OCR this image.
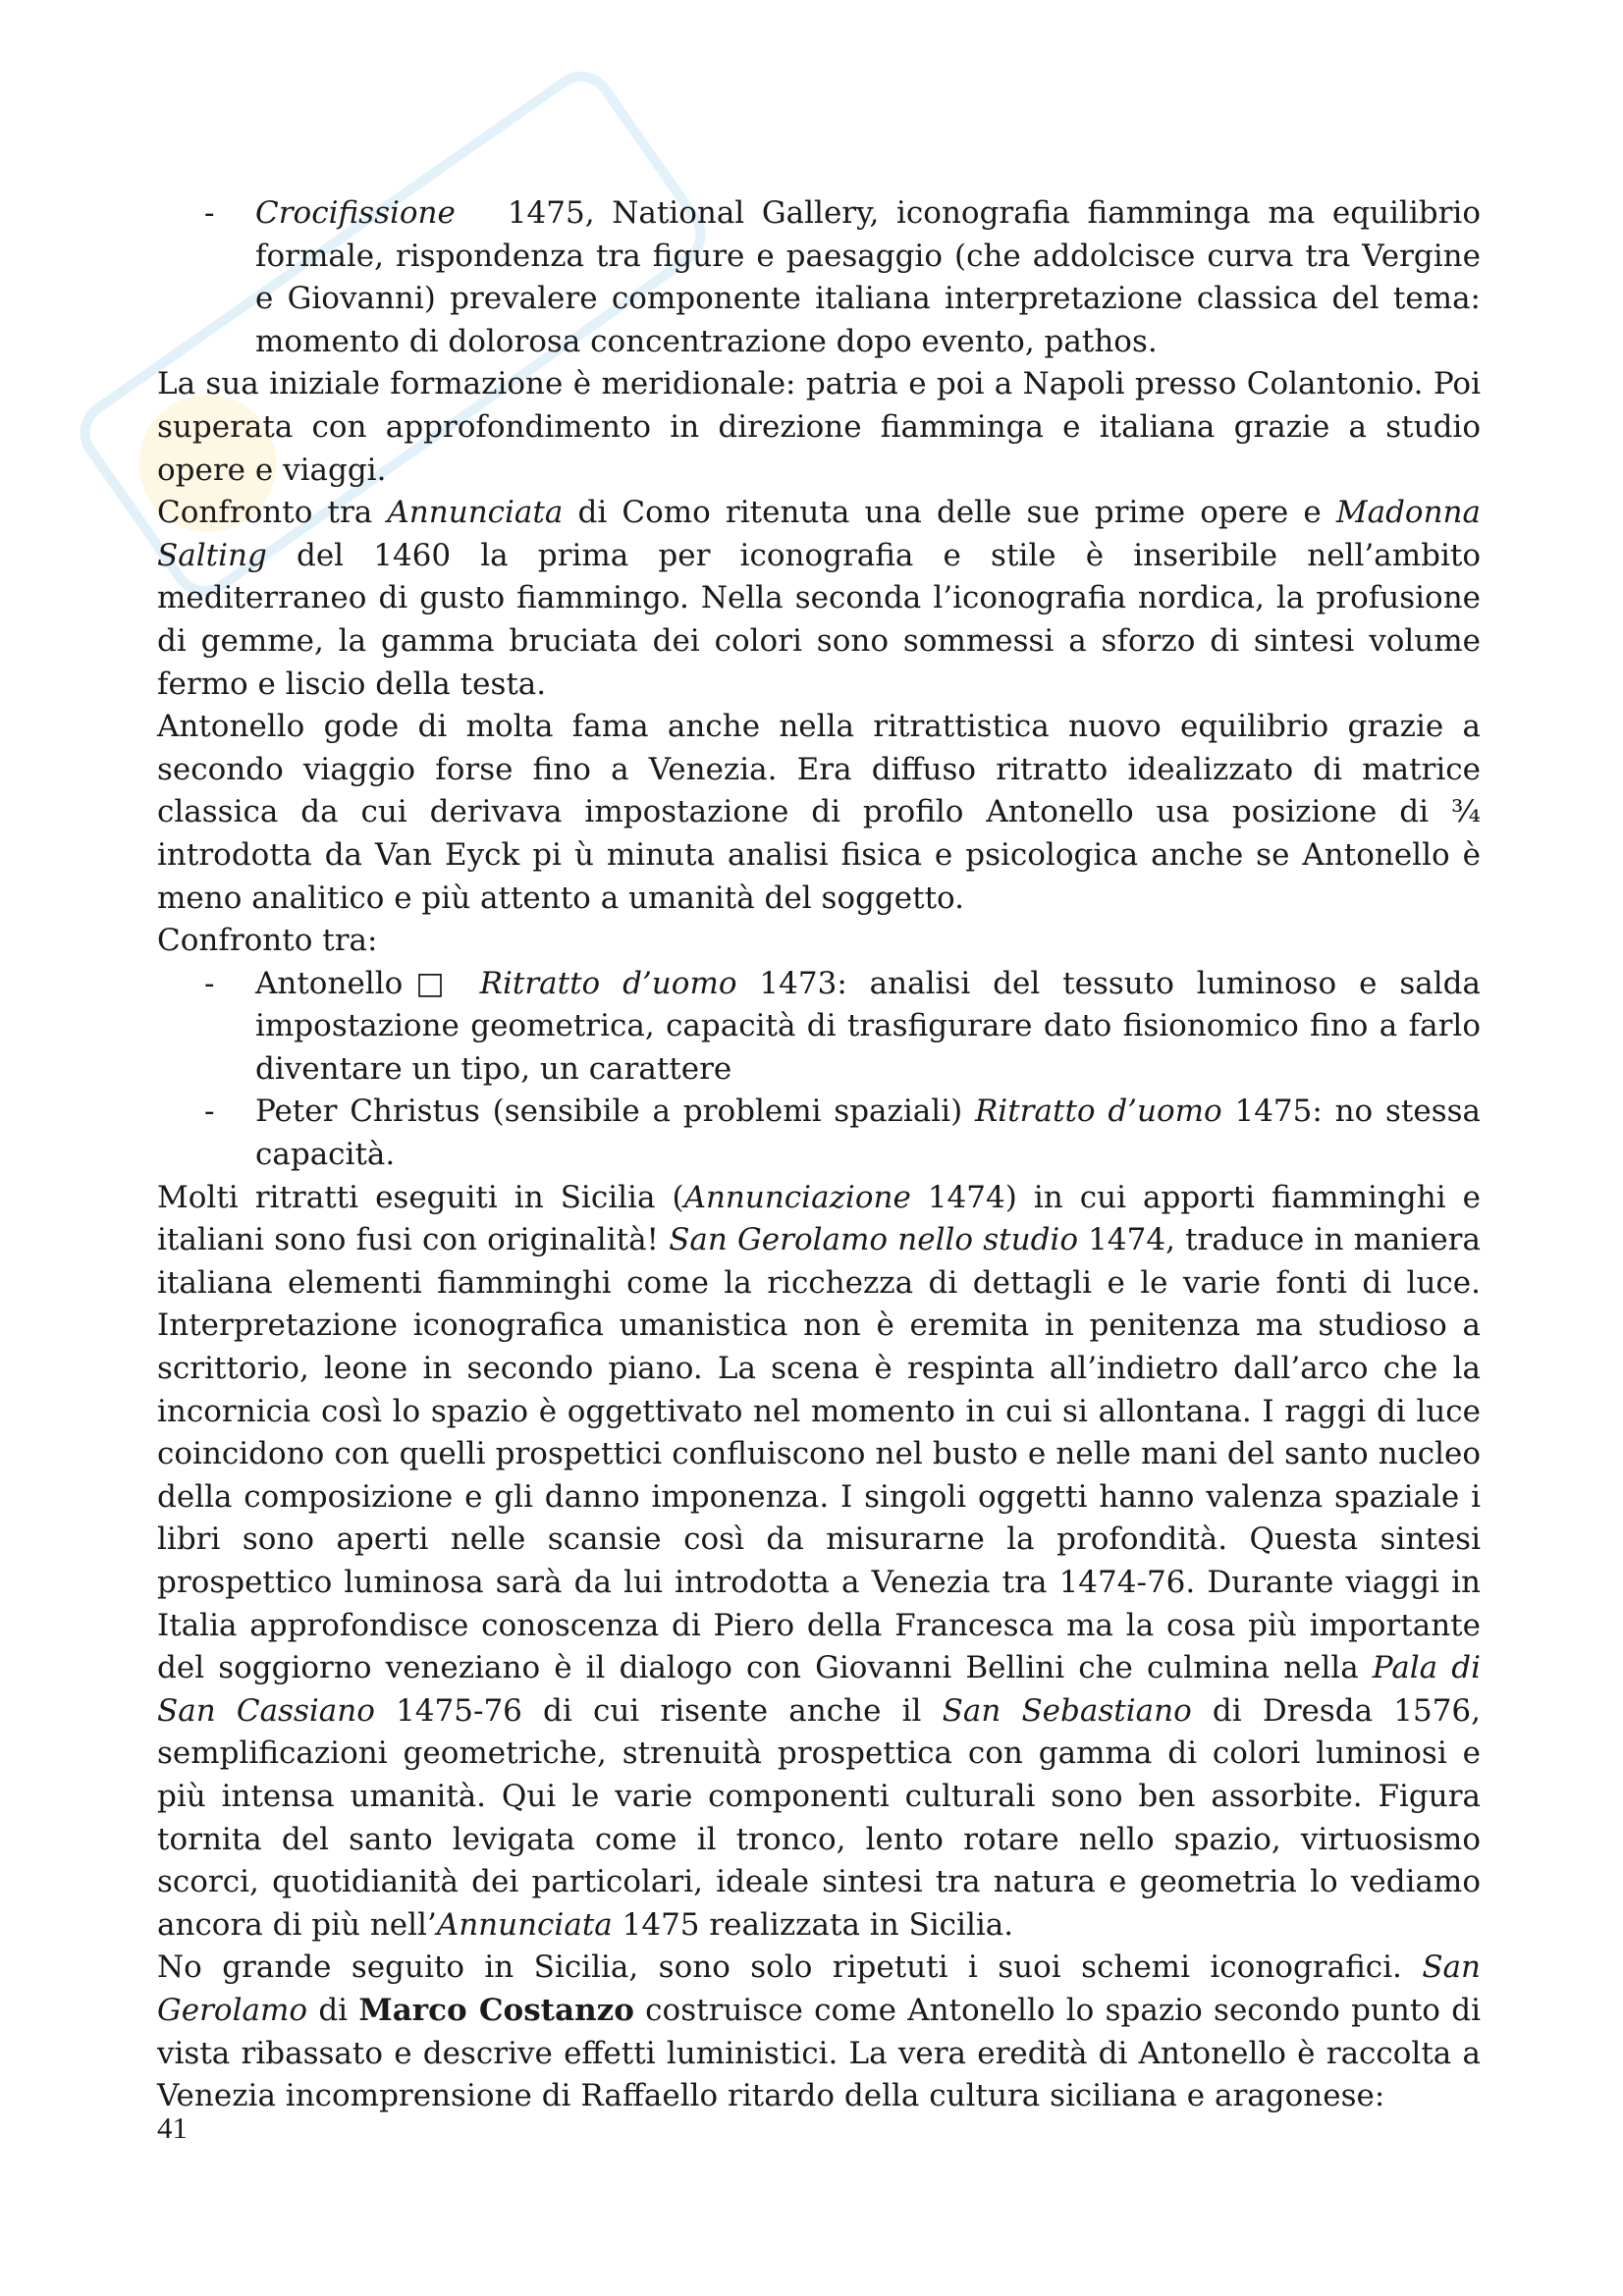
- Crocifissione 1475, National Gallery, iconografia fiamminga ma equilibrio formale, rispondenza tra figure e paesaggio (che addolcisce curva tra Vergine e Giovanni) prevalere componente italiana interpretazione classica del tema: momento di dolorosa concentrazione dopo evento, pathos.

La sua iniziale formazione è meridionale: patria e poi a Napoli presso Colantonio. Poi superata con approfondimento in direzione fiamminga e italiana grazie a studio opere e viaggi.

Confronto tra Annunciata di Como ritenuta una delle sue prime opere e Madonna Salting del 1460 la prima per iconografia e stile è inseribile nell’ambito mediterraneo di gusto fiammingo. Nella seconda l’iconografia nordica, la profusione di gemme, la gamma bruciata dei colori sono sommessi a sforzo di sintesi volume fermo e liscio della testa.

Antonello gode di molta fama anche nella ritrattistica nuovo equilibrio grazie a secondo viaggio forse fino a Venezia. Era diffuso ritratto idealizzato di matrice classica da cui derivava impostazione di profilo Antonello usa posizione di ¾ introdotta da Van Eyck pi ù minuta analisi fisica e psicologica anche se Antonello è meno analitico e più attento a umanità del soggetto.

Confronto tra:

- Antonello□ Ritratto d’uomo 1473: analisi del tessuto luminoso e salda impostazione geometrica, capacità di trasfigurare dato fisionomico fino a farlo diventare un tipo, un carattere
- Peter Christus (sensibile a problemi spaziali) Ritratto d’uomo 1475: no stessa capacità.

Molti ritratti eseguiti in Sicilia (Annunciazione 1474) in cui apporti fiamminghi e italiani sono fusi con originalità! San Gerolamo nello studio 1474, traduce in maniera italiana elementi fiamminghi come la ricchezza di dettagli e le varie fonti di luce. Interpretazione iconografica umanistica non è eremita in penitenza ma studioso a scrittorio, leone in secondo piano. La scena è respinta all’indietro dall’arco che la incornicia così lo spazio è oggettivato nel momento in cui si allontana. I raggi di luce coincidono con quelli prospettici confluiscono nel busto e nelle mani del santo nucleo della composizione e gli danno imponenza. I singoli oggetti hanno valenza spaziale i libri sono aperti nelle scansie così da misurarne la profondità. Questa sintesi prospettico luminosa sarà da lui introdotta a Venezia tra 1474-76. Durante viaggi in Italia approfondisce conoscenza di Piero della Francesca ma la cosa più importante del soggiorno veneziano è il dialogo con Giovanni Bellini che culmina nella Pala di San Cassiano 1475-76 di cui risente anche il San Sebastiano di Dresda 1576, semplificazioni geometriche, strenuità prospettica con gamma di colori luminosi e più intensa umanità. Qui le varie componenti culturali sono ben assorbite. Figura tornita del santo levigata come il tronco, lento rotare nello spazio, virtuosismo scorci, quotidianità dei particolari, ideale sintesi tra natura e geometria lo vediamo ancora di più nell’Annunciata 1475 realizzata in Sicilia.

No grande seguito in Sicilia, sono solo ripetuti i suoi schemi iconografici. San Gerolamo di Marco Costanzo costruisce come Antonello lo spazio secondo punto di vista ribassato e descrive effetti luministici. La vera eredità di Antonello è raccolta a Venezia incomprensione di Raffaello ritardo della cultura siciliana e aragonese:

41
